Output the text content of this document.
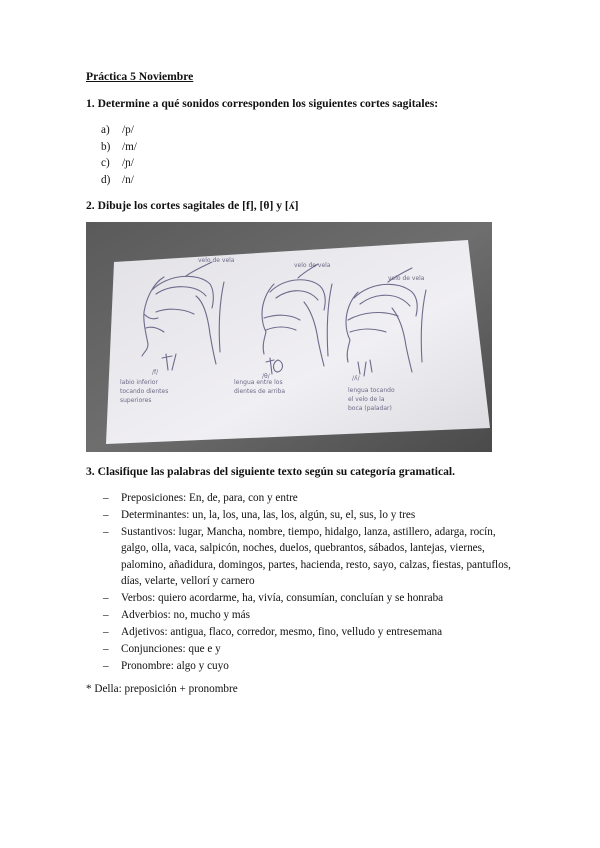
Práctica 5 Noviembre
1. Determine a qué sonidos corresponden los siguientes cortes sagitales:
a) /p/
b) /m/
c) /ɲ/
d) /n/
2. Dibuje los cortes sagitales de [f], [θ] y [ʎ]
velo de vela
velo de vela
velo de vela
/f/
/θ/	/ʎ/
labio inferior
tocando dientes
superiores
lengua entre los
dientes de arriba	lengua tocando
el velo de la
boca (paladar)
3. Clasifique las palabras del siguiente texto según su categoría gramatical.
– Preposiciones: En, de, para, con y entre
– Determinantes: un, la, los, una, las, los, algún, su, el, sus, lo y tres
– Sustantivos: lugar, Mancha, nombre, tiempo, hidalgo, lanza, astillero, adarga, rocín, galgo, olla, vaca, salpicón, noches, duelos, quebrantos, sábados, lantejas, viernes, palomino, añadidura, domingos, partes, hacienda, resto, sayo, calzas, fiestas, pantuflos, días, velarte, vellorí y carnero
– Verbos: quiero acordarme, ha, vivía, consumían, concluían y se honraba
– Adverbios: no, mucho y más
– Adjetivos: antigua, flaco, corredor, mesmo, fino, velludo y entresemana
– Conjunciones: que e y
– Pronombre: algo y cuyo
* Della: preposición + pronombre
